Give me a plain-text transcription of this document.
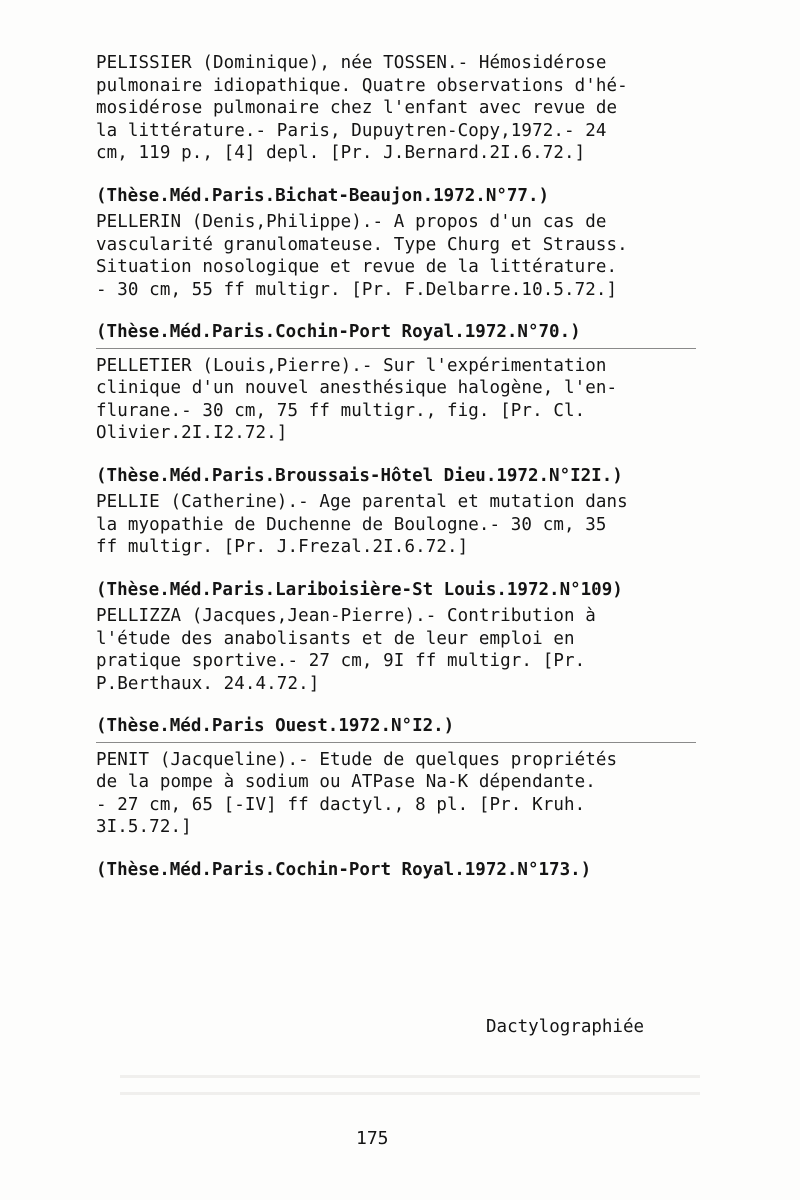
PELISSIER (Dominique), née TOSSEN.- Hémosidérose
pulmonaire idiopathique. Quatre observations d'hé-
mosidérose pulmonaire chez l'enfant avec revue de
la littérature.- Paris, Dupuytren-Copy,1972.- 24
cm, 119 p., [4] depl. [Pr. J.Bernard.2I.6.72.]
(Thèse.Méd.Paris.Bichat-Beaujon.1972.N°77.)
PELLERIN (Denis,Philippe).- A propos d'un cas de
vascularité granulomateuse. Type Churg et Strauss.
Situation nosologique et revue de la littérature.
- 30 cm, 55 ff multigr. [Pr. F.Delbarre.10.5.72.]
(Thèse.Méd.Paris.Cochin-Port Royal.1972.N°70.)
PELLETIER (Louis,Pierre).- Sur l'expérimentation
clinique d'un nouvel anesthésique halogène, l'en-
flurane.- 30 cm, 75 ff multigr., fig. [Pr. Cl.
Olivier.2I.I2.72.]
(Thèse.Méd.Paris.Broussais-Hôtel Dieu.1972.N°I2I.)
PELLIE (Catherine).- Age parental et mutation dans
la myopathie de Duchenne de Boulogne.- 30 cm, 35
ff multigr. [Pr. J.Frezal.2I.6.72.]
(Thèse.Méd.Paris.Lariboisière-St Louis.1972.N°109)
PELLIZZA (Jacques,Jean-Pierre).- Contribution à
l'étude des anabolisants et de leur emploi en
pratique sportive.- 27 cm, 9I ff multigr. [Pr.
P.Berthaux. 24.4.72.]
(Thèse.Méd.Paris Ouest.1972.N°I2.)
PENIT (Jacqueline).- Etude de quelques propriétés
de la pompe à sodium ou ATPase Na-K dépendante.
- 27 cm, 65 [-IV] ff dactyl., 8 pl. [Pr. Kruh.
3I.5.72.]
(Thèse.Méd.Paris.Cochin-Port Royal.1972.N°173.)
Dactylographiée
175
